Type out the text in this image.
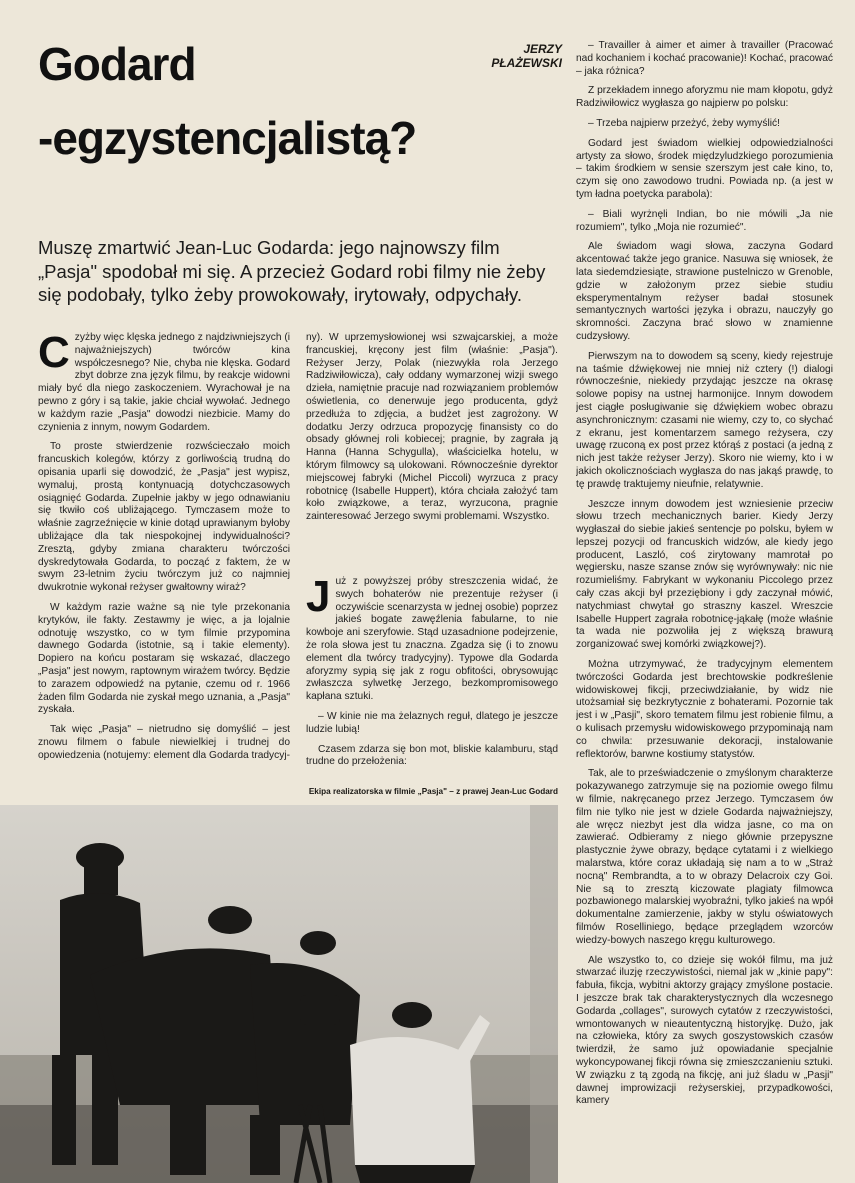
Godard
-egzystencjalistą?
JERZY
PŁAŻEWSKI

Muszę zmartwić Jean-Luc Godarda: jego najnowszy film „Pasja" spodobał mi się. A przecież Godard robi filmy nie żeby się podobały, tylko żeby prowokowały, irytowały, odpychały.

Czyżby więc klęska jednego z najdziwniejszych (i najważniejszych) twórców kina współczesnego? Nie, chyba nie klęska. Godard zbyt dobrze zna język filmu, by reakcje widowni miały być dla niego zaskoczeniem. Wyrachował je na pewno z góry i są takie, jakie chciał wywołać. Jednego w każdym razie „Pasja" dowodzi niezbicie. Mamy do czynienia z innym, nowym Godardem.

To proste stwierdzenie rozwścieczało moich francuskich kolegów, którzy z gorliwością trudną do opisania uparli się dowodzić, że „Pasja" jest wypisz, wymaluj, prostą kontynuacją dotychczasowych osiągnięć Godarda. Zupełnie jakby w jego odnawianiu się tkwiło coś ubliżającego. Tymczasem może to właśnie zagrzeźnięcie w kinie dotąd uprawianym byłoby ubliżające dla tak niespokojnej indywidualności? Zresztą, gdyby zmiana charakteru twórczości dyskredytowała Godarda, to począć z faktem, że w swym 23-letnim życiu twórczym już co najmniej dwukrotnie wykonał reżyser gwałtowny wiraż?

W każdym razie ważne są nie tyle przekonania krytyków, ile fakty. Zestawmy je więc, a ja lojalnie odnotuję wszystko, co w tym filmie przypomina dawnego Godarda (istotnie, są i takie elementy). Dopiero na końcu postaram się wskazać, dlaczego „Pasja" jest nowym, raptownym wirażem twórcy. Będzie to zarazem odpowiedź na pytanie, czemu od r. 1966 żaden film Godarda nie zyskał mego uznania, a „Pasja" zyskała.

Tak więc „Pasja" – nietrudno się domyślić – jest znowu filmem o fabule niewielkiej i trudnej do opowiedzenia (notujemy: element dla Godarda tradycyj-

ny). W uprzemysłowionej wsi szwajcarskiej, a może francuskiej, kręcony jest film (właśnie: „Pasja"). Reżyser Jerzy, Polak (niezwykła rola Jerzego Radziwiłowicza), cały oddany wymarzonej wizji swego dzieła, namiętnie pracuje nad rozwiązaniem problemów oświetlenia, co denerwuje jego producenta, gdyż przedłuża to zdjęcia, a budżet jest zagrożony. W dodatku Jerzy odrzuca propozycję finansisty co do obsady głównej roli kobiecej; pragnie, by zagrała ją Hanna (Hanna Schygulla), właścicielka hotelu, w którym filmowcy są ulokowani. Równocześnie dyrektor miejscowej fabryki (Michel Piccoli) wyrzuca z pracy robotnicę (Isabelle Huppert), która chciała założyć tam koło związkowe, a teraz, wyrzucona, pragnie zainteresować Jerzego swymi problemami. Wszystko.

Już z powyższej próby streszczenia widać, że swych bohaterów nie prezentuje reżyser (i oczywiście scenarzysta w jednej osobie) poprzez jakieś bogate zawęźlenia fabularne, to nie kowboje ani szeryfowie. Stąd uzasadnione podejrzenie, że rola słowa jest tu znaczna. Zgadza się (i to znowu element dla twórcy tradycyjny). Typowe dla Godarda aforyzmy sypią się jak z rogu obfitości, obrysowując zwłaszcza sylwetkę Jerzego, bezkompromisowego kapłana sztuki.

– W kinie nie ma żelaznych reguł, dlatego je jeszcze ludzie lubią!

Czasem zdarza się bon mot, bliskie kalamburu, stąd trudne do przełożenia:

– Travailler à aimer et aimer à travailler (Pracować nad kochaniem i kochać pracowanie)! Kochać, pracować – jaka różnica?

Z przekładem innego aforyzmu nie mam kłopotu, gdyż Radziwiłowicz wygłasza go najpierw po polsku:

– Trzeba najpierw przeżyć, żeby wymyślić!

Godard jest świadom wielkiej odpowiedzialności artysty za słowo, środek międzyludzkiego porozumienia – takim środkiem w sensie szerszym jest całe kino, to, czym się ono zawodowo trudni. Powiada np. (a jest w tym ładna poetycka parabola):

– Biali wyrżnęli Indian, bo nie mówili „Ja nie rozumiem", tylko „Moja nie rozumieć".

Ale świadom wagi słowa, zaczyna Godard akcentować także jego granice. Nasuwa się wniosek, że lata siedemdziesiąte, strawione pustelniczo w Grenoble, gdzie w założonym przez siebie studiu eksperymentalnym reżyser badał stosunek semantycznych wartości języka i obrazu, nauczyły go skromności. Zaczyna brać słowo w znamienne cudzysłowy.

Pierwszym na to dowodem są sceny, kiedy rejestruje na taśmie dźwiękowej nie mniej niż cztery (!) dialogi równocześnie, niekiedy przydając jeszcze na okrasę solowe popisy na ustnej harmonijce. Innym dowodem jest ciągłe posługiwanie się dźwiękiem wobec obrazu asynchronicznym: czasami nie wiemy, czy to, co słychać z ekranu, jest komentarzem samego reżysera, czy uwagę rzuconą ex post przez którąś z postaci (a jedną z nich jest także reżyser Jerzy). Skoro nie wiemy, kto i w jakich okolicznościach wygłasza do nas jakąś prawdę, to tę prawdę traktujemy nieufnie, relatywnie.

Jeszcze innym dowodem jest wzniesienie przeciw słowu trzech mechanicznych barier. Kiedy Jerzy wygłaszał do siebie jakieś sentencje po polsku, byłem w lepszej pozycji od francuskich widzów, ale kiedy jego producent, Laszló, coś zirytowany mamrotał po węgiersku, nasze szanse znów się wyrównywały: nic nie rozumieliśmy. Fabrykant w wykonaniu Piccolego przez cały czas akcji był przeziębiony i gdy zaczynał mówić, natychmiast chwytał go straszny kaszel. Wreszcie Isabelle Huppert zagrała robotnicę-jąkałę (może właśnie ta wada nie pozwoliła jej z większą brawurą zorganizować swej komórki związkowej?).

Można utrzymywać, że tradycyjnym elementem twórczości Godarda jest brechtowskie podkreślenie widowiskowej fikcji, przeciwdziałanie, by widz nie utożsamiał się bezkrytycznie z bohaterami. Pozornie tak jest i w „Pasji", skoro tematem filmu jest robienie filmu, a o kulisach przemysłu widowiskowego przypominają nam co chwila: przesuwanie dekoracji, instalowanie reflektorów, barwne kostiumy statystów.

Tak, ale to przeświadczenie o zmyślonym charakterze pokazywanego zatrzymuje się na poziomie owego filmu w filmie, nakręcanego przez Jerzego. Tymczasem ów film nie tylko nie jest w dziele Godarda najważniejszy, ale wręcz niezbyt jest dla widza jasne, co ma on zawierać. Odbieramy z niego głównie przepyszne plastycznie żywe obrazy, będące cytatami i z wielkiego malarstwa, które coraz układają się nam a to w „Straż nocną" Rembrandta, a to w obrazy Delacroix czy Goi. Nie są to zresztą kiczowate plagiaty filmowca pozbawionego malarskiej wyobraźni, tylko jakieś na wpół dokumentalne zamierzenie, jakby w stylu oświatowych filmów Roselliniego, będące przeglądem wzorców wiedzy-bowych naszego kręgu kulturowego.

Ale wszystko to, co dzieje się wokół filmu, ma już stwarzać iluzję rzeczywistości, niemal jak w „kinie papy": fabuła, fikcja, wybitni aktorzy grający zmyślone postacie. I jeszcze brak tak charakterystycznych dla wczesnego Godarda „collages", surowych cytatów z rzeczywistości, wmontowanych w nieautentyczną historyjkę. Dużo, jak na człowieka, który za swych goszystowskich czasów twierdził, że samo już opowiadanie specjalnie wykoncypowanej fikcji równa się zmieszczanieniu sztuki. W związku z tą zgodą na fikcję, ani już śladu w „Pasji" dawnej improwizacji reżyserskiej, przypadkowości, kamery

Ekipa realizatorska w filmie „Pasja" – z prawej Jean-Luc Godard
